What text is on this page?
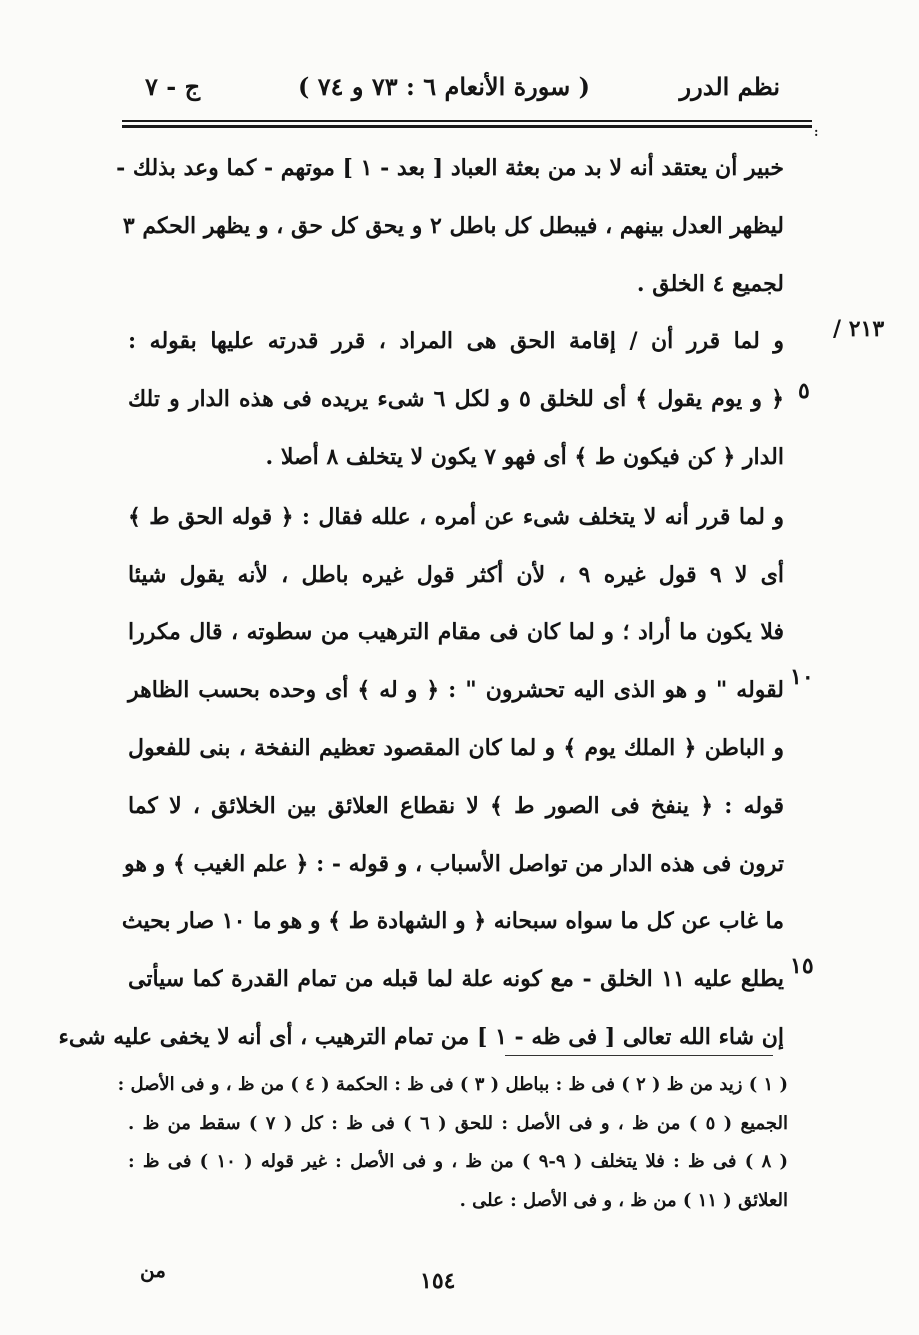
نظم الدرر
( سورة الأنعام ٦ : ٧٣ و ٧٤ )
ج - ٧
:
٢١٣ /
٥
١٠
١٥
خبير أن يعتقد أنه لا بد من بعثة العباد [ بعد - ١ ] موتهم - كما وعد بذلك -
ليظهر العدل بينهم ، فيبطل كل باطل ٢ و يحق كل حق ، و يظهر الحكم ٣
لجميع ٤ الخلق .
و لما قرر أن / إقامة الحق هى المراد ، قرر قدرته عليها بقوله :
﴿ و يوم يقول ﴾ أى للخلق ٥ و لكل ٦ شىء يريده فى هذه الدار و تلك
الدار ﴿ كن فيكون ط ﴾ أى فهو ٧ يكون لا يتخلف ٨ أصلا .
و لما قرر أنه لا يتخلف شىء عن أمره ، علله فقال : ﴿ قوله الحق ط ﴾
أى لا ٩ قول غيره ٩ ، لأن أكثر قول غيره باطل ، لأنه يقول شيئا
فلا يكون ما أراد ؛ و لما كان فى مقام الترهيب من سطوته ، قال مكررا
لقوله " و هو الذى اليه تحشرون " : ﴿ و له ﴾ أى وحده بحسب الظاهر
و الباطن ﴿ الملك يوم ﴾ و لما كان المقصود تعظيم النفخة ، بنى للفعول
قوله : ﴿ ينفخ فى الصور ط ﴾ لا نقطاع العلائق بين الخلائق ، لا كما
ترون فى هذه الدار من تواصل الأسباب ، و قوله - : ﴿ علم الغيب ﴾ و هو
ما غاب عن كل ما سواه سبحانه ﴿ و الشهادة ط ﴾ و هو ما ١٠ صار بحيث
يطلع عليه ١١ الخلق - مع كونه علة لما قبله من تمام القدرة كما سيأتى
إن شاء الله تعالى [ فى ظه - ١ ] من تمام الترهيب ، أى أنه لا يخفى عليه شىء
( ١ ) زيد من ظ ( ٢ ) فى ظ : بباطل ( ٣ ) فى ظ : الحكمة ( ٤ ) من ظ ، و فى الأصل :
الجميع ( ٥ ) من ظ ، و فى الأصل : للحق ( ٦ ) فى ظ : كل ( ٧ ) سقط من ظ .
( ٨ ) فى ظ : فلا يتخلف ( ٩-٩ ) من ظ ، و فى الأصل : غير قوله ( ١٠ ) فى ظ :
العلائق ( ١١ ) من ظ ، و فى الأصل : على .
من	١٥٤
